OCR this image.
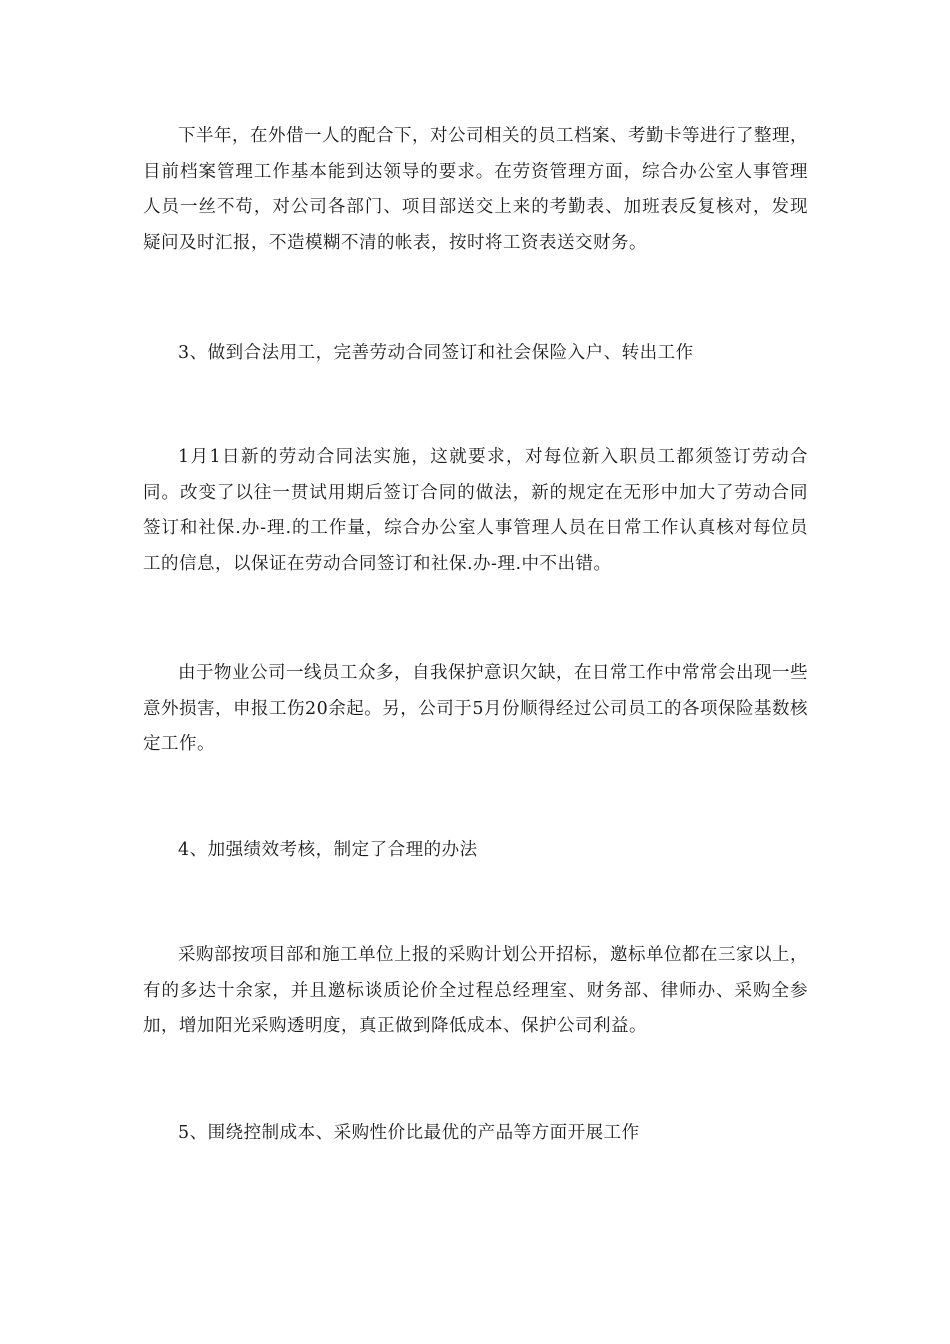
下半年，在外借一人的配合下，对公司相关的员工档案、考勤卡等进行了整理，目前档案管理工作基本能到达领导的要求。在劳资管理方面，综合办公室人事管理人员一丝不苟，对公司各部门、项目部送交上来的考勤表、加班表反复核对，发现疑问及时汇报，不造模糊不清的帐表，按时将工资表送交财务。

3、做到合法用工，完善劳动合同签订和社会保险入户、转出工作

1月1日新的劳动合同法实施，这就要求，对每位新入职员工都须签订劳动合同。改变了以往一贯试用期后签订合同的做法，新的规定在无形中加大了劳动合同签订和社保.办-理.的工作量，综合办公室人事管理人员在日常工作认真核对每位员工的信息，以保证在劳动合同签订和社保.办-理.中不出错。

由于物业公司一线员工众多，自我保护意识欠缺，在日常工作中常常会出现一些意外损害，申报工伤20余起。另，公司于5月份顺得经过公司员工的各项保险基数核定工作。

4、加强绩效考核，制定了合理的办法

采购部按项目部和施工单位上报的采购计划公开招标，邀标单位都在三家以上，有的多达十余家，并且邀标谈质论价全过程总经理室、财务部、律师办、采购全参加，增加阳光采购透明度，真正做到降低成本、保护公司利益。

5、围绕控制成本、采购性价比最优的产品等方面开展工作
